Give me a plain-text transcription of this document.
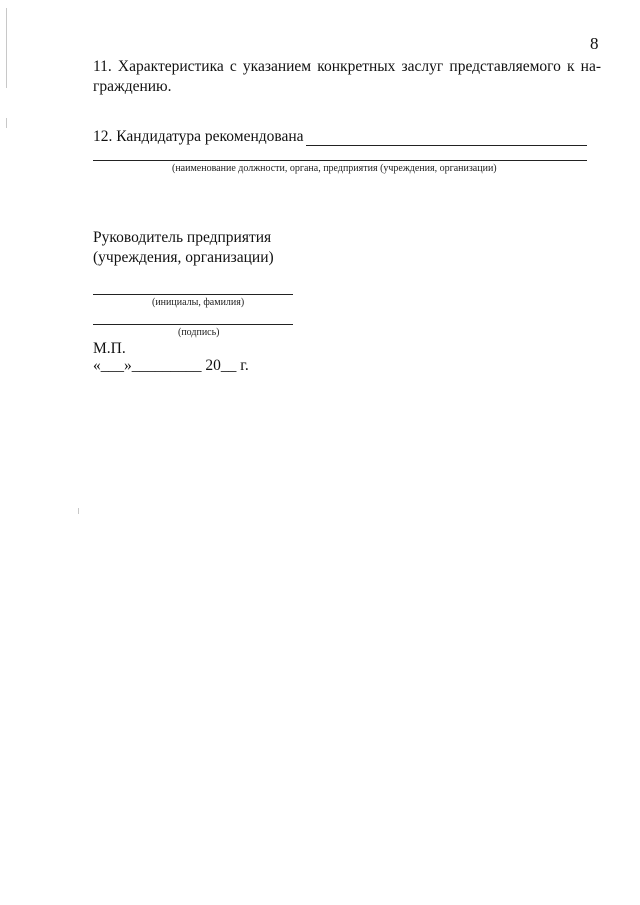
8

11. Характеристика с указанием конкретных заслуг представляемого к на-граждению.

12. Кандидатура рекомендована
(наименование должности, органа, предприятия (учреждения, организации)

Руководитель предприятия
(учреждения, организации)

(инициалы, фамилия)
(подпись)
М.П.
«___»_________ 20__ г.
